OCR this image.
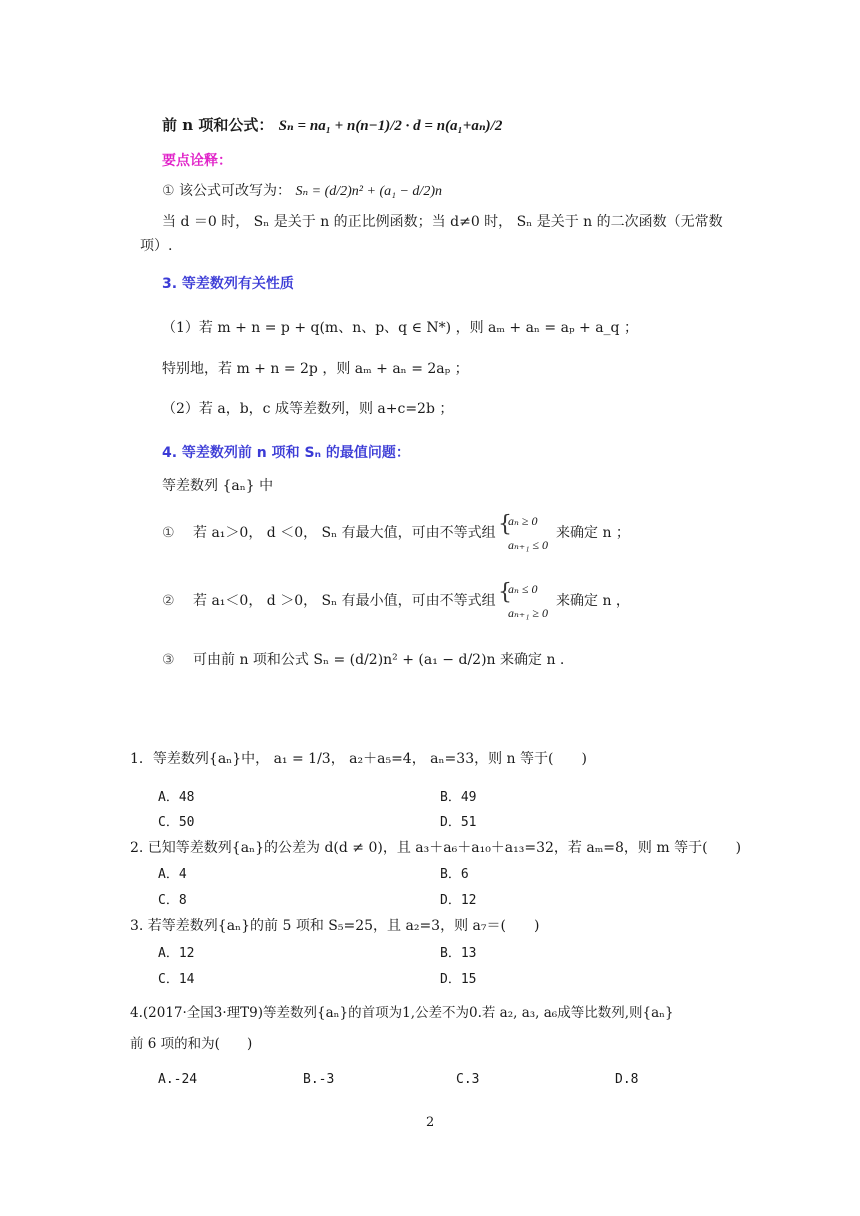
前 n 项和公式： Sₙ = na₁ + n(n−1)/2 · d = n(a₁+aₙ)/2
要点诠释：
① 该公式可改写为： Sₙ = (d/2)n² + (a₁ − d/2)n
当 d ＝0 时， Sₙ 是关于 n 的正比例函数；当 d≠0 时， Sₙ 是关于 n 的二次函数（无常数
项）.
3. 等差数列有关性质
（1）若 m + n = p + q(m、n、p、q ∈ N*) ，则 aₘ + aₙ = aₚ + a_q ；
特别地，若 m + n = 2p ，则 aₘ + aₙ = 2aₚ ；
（2）若 a，b，c 成等差数列，则 a+c=2b ；
4. 等差数列前 n 项和 Sₙ 的最值问题：
等差数列 {aₙ} 中
① 若 a₁＞0， d ＜0， Sₙ 有最大值，可由不等式组 {
aₙ ≥ 0
aₙ₊₁ ≤ 0
来确定 n ；
② 若 a₁＜0， d ＞0， Sₙ 有最小值，可由不等式组 {
aₙ ≤ 0
aₙ₊₁ ≥ 0
来确定 n ，
③ 可由前 n 项和公式 Sₙ = (d/2)n² + (a₁ − d/2)n 来确定 n .
1．等差数列{aₙ}中， a₁ = 1/3， a₂＋a₅=4， aₙ=33，则 n 等于(　　)
A．48	B．49
C．50	D．51
2. 已知等差数列{aₙ}的公差为 d(d ≠ 0)，且 a₃＋a₆＋a₁₀＋a₁₃=32，若 aₘ=8，则 m 等于(　　)
A．4	B．6
C．8	D．12
3. 若等差数列{aₙ}的前 5 项和 S₅=25，且 a₂=3，则 a₇＝(　　)
A．12	B．13
C．14	D．15
4.(2017·全国3·理T9)等差数列{aₙ}的首项为1,公差不为0.若 a₂, a₃, a₆成等比数列,则{aₙ}
前 6 项的和为(　　)
A.-24	B.-3	C.3	D.8
2
